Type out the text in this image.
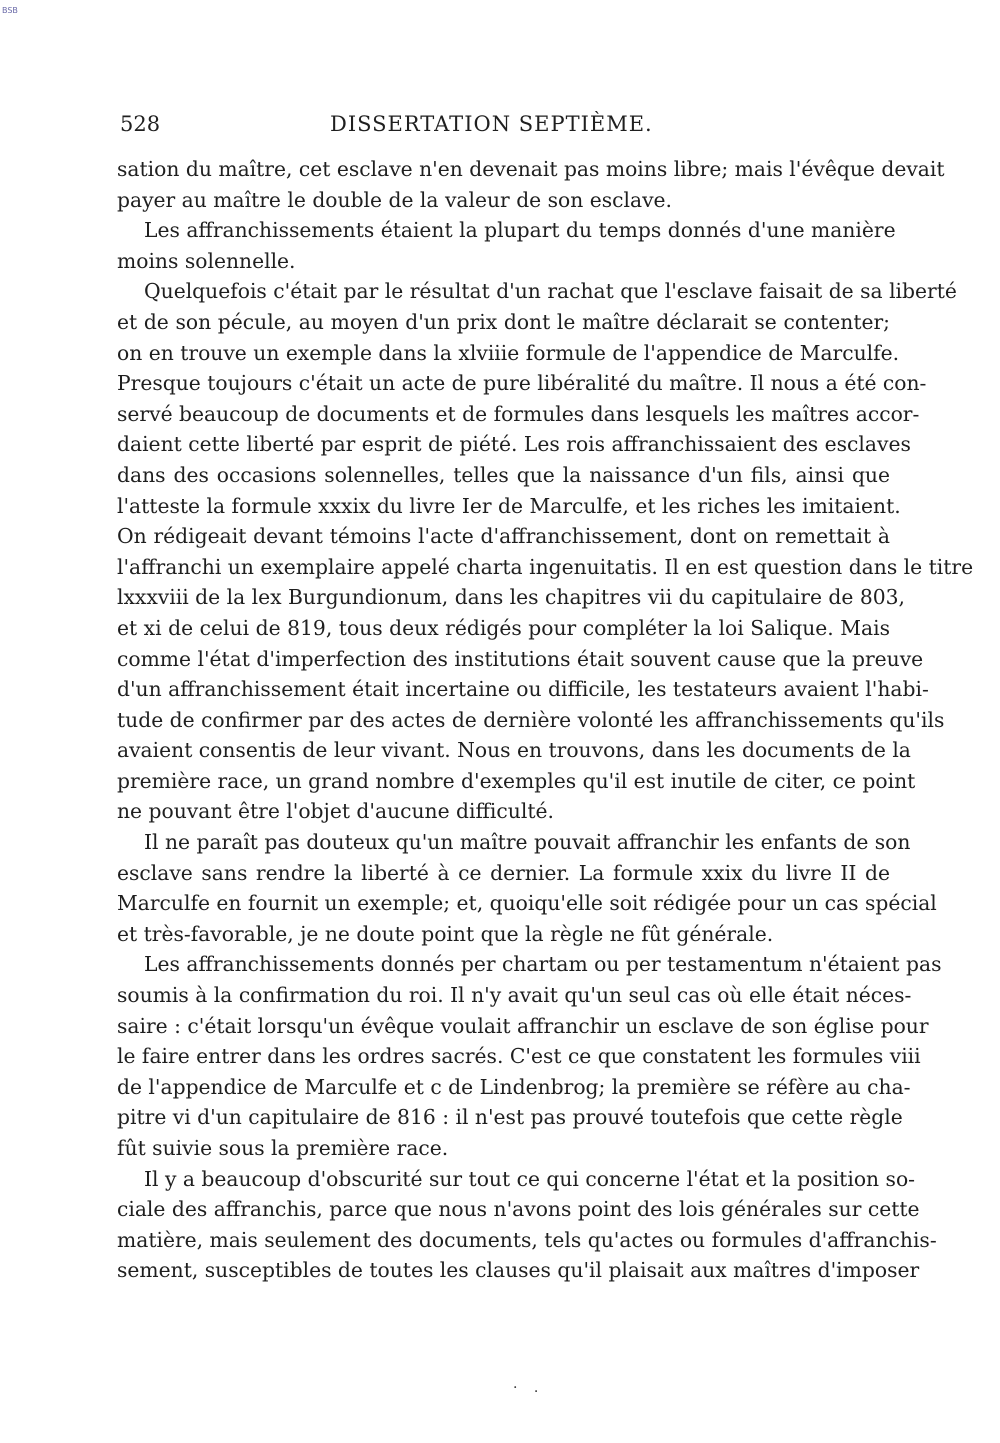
BSB
528	DISSERTATION SEPTIÈME.
sation du maître, cet esclave n'en devenait pas moins libre; mais l'évêque devait
payer au maître le double de la valeur de son esclave.
Les affranchissements étaient la plupart du temps donnés d'une manière
moins solennelle.
Quelquefois c'était par le résultat d'un rachat que l'esclave faisait de sa liberté
et de son pécule, au moyen d'un prix dont le maître déclarait se contenter;
on en trouve un exemple dans la xlviiie formule de l'appendice de Marculfe.
Presque toujours c'était un acte de pure libéralité du maître. Il nous a été con-
servé beaucoup de documents et de formules dans lesquels les maîtres accor-
daient cette liberté par esprit de piété. Les rois affranchissaient des esclaves
dans des occasions solennelles, telles que la naissance d'un fils, ainsi que
l'atteste la formule xxxix du livre Ier de Marculfe, et les riches les imitaient.
On rédigeait devant témoins l'acte d'affranchissement, dont on remettait à
l'affranchi un exemplaire appelé charta ingenuitatis. Il en est question dans le titre
lxxxviii de la lex Burgundionum, dans les chapitres vii du capitulaire de 803,
et xi de celui de 819, tous deux rédigés pour compléter la loi Salique. Mais
comme l'état d'imperfection des institutions était souvent cause que la preuve
d'un affranchissement était incertaine ou difficile, les testateurs avaient l'habi-
tude de confirmer par des actes de dernière volonté les affranchissements qu'ils
avaient consentis de leur vivant. Nous en trouvons, dans les documents de la
première race, un grand nombre d'exemples qu'il est inutile de citer, ce point
ne pouvant être l'objet d'aucune difficulté.
Il ne paraît pas douteux qu'un maître pouvait affranchir les enfants de son
esclave sans rendre la liberté à ce dernier. La formule xxix du livre II de
Marculfe en fournit un exemple; et, quoiqu'elle soit rédigée pour un cas spécial
et très-favorable, je ne doute point que la règle ne fût générale.
Les affranchissements donnés per chartam ou per testamentum n'étaient pas
soumis à la confirmation du roi. Il n'y avait qu'un seul cas où elle était néces-
saire : c'était lorsqu'un évêque voulait affranchir un esclave de son église pour
le faire entrer dans les ordres sacrés. C'est ce que constatent les formules viii
de l'appendice de Marculfe et c de Lindenbrog; la première se réfère au cha-
pitre vi d'un capitulaire de 816 : il n'est pas prouvé toutefois que cette règle
fût suivie sous la première race.
Il y a beaucoup d'obscurité sur tout ce qui concerne l'état et la position so-
ciale des affranchis, parce que nous n'avons point des lois générales sur cette
matière, mais seulement des documents, tels qu'actes ou formules d'affranchis-
sement, susceptibles de toutes les clauses qu'il plaisait aux maîtres d'imposer
· .
